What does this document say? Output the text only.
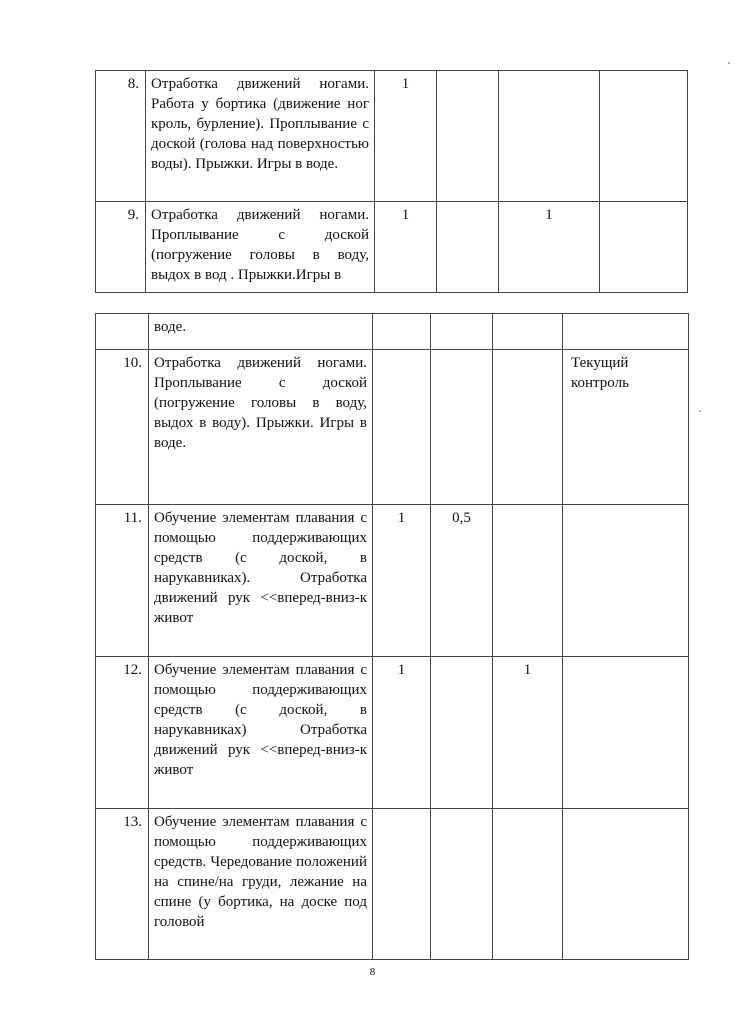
8.	Отработка движений ногами. Работа у бортика (движение ног кроль, бурление). Проплывание с доской (голова над поверхностью воды). Прыжки. Игры в воде.	1			
9.	Отработка движений ногами. Проплывание с доской (погружение головы в воду, выдох в вод . Прыжки.Игры в	1		1	
	воде.				
10.	Отработка движений ногами. Проплывание с доской (погружение головы в воду, выдох в воду). Прыжки. Игры в воде.				Текущий контроль
11.	Обучение элементам плавания с помощью поддерживающих средств (с доской, в нарукавниках). Отработка движений рук <<вперед-вниз-к живот	1	0,5		
12.	Обучение элементам плавания с помощью поддерживающих средств (с доской, в нарукавниках) Отработка движений рук <<вперед-вниз-к живот	1		1	
13.	Обучение элементам плавания с помощью поддерживающих средств. Чередование положений на спине/на груди, лежание на спине (у бортика, на доске под головой				
8
